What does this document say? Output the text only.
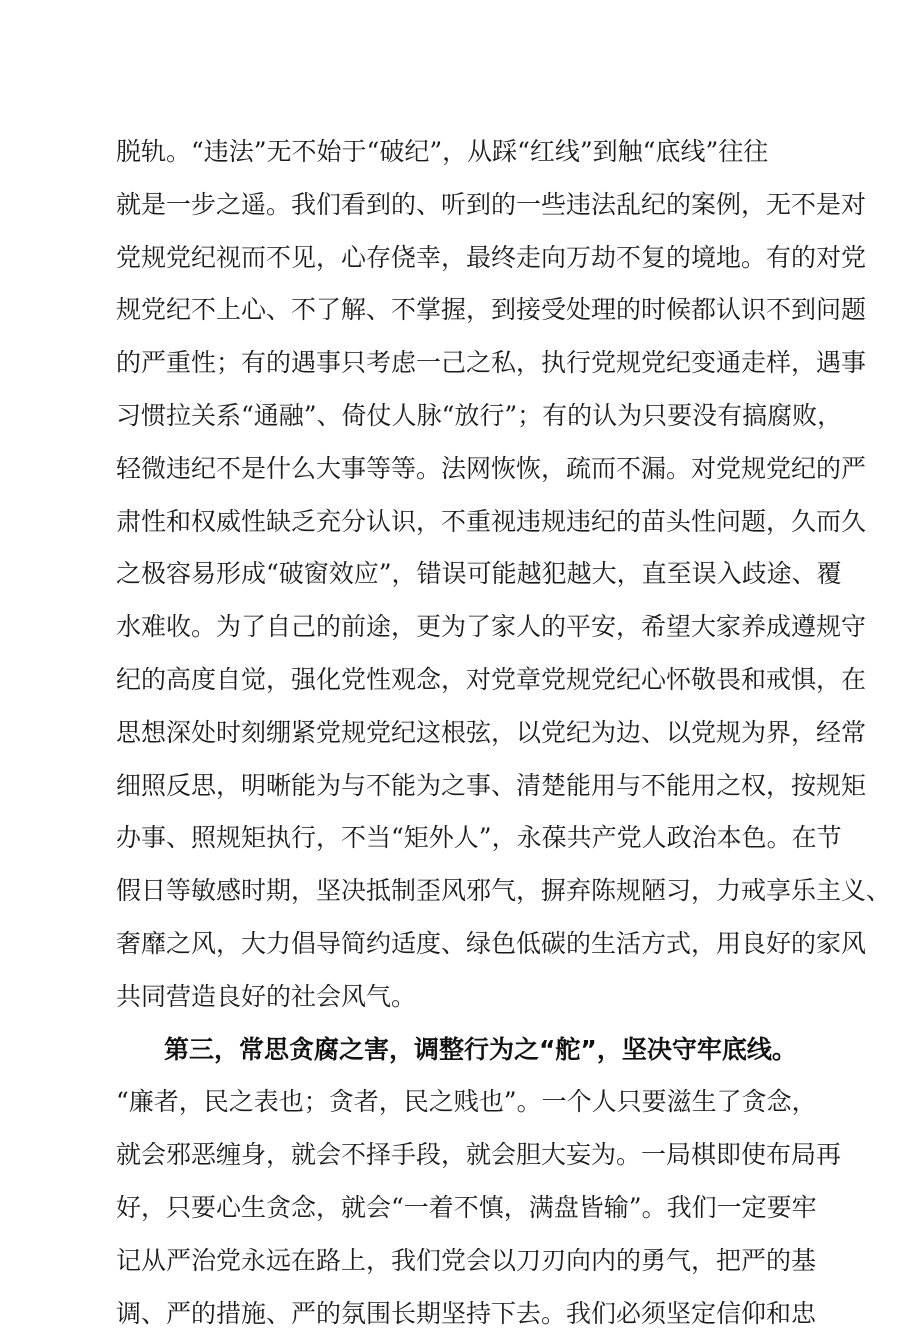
脱轨。“违法”无不始于“破纪”，从踩“红线”到触“底线”往往
就是一步之遥。我们看到的、听到的一些违法乱纪的案例，无不是对
党规党纪视而不见，心存侥幸，最终走向万劫不复的境地。有的对党
规党纪不上心、不了解、不掌握，到接受处理的时候都认识不到问题
的严重性；有的遇事只考虑一己之私，执行党规党纪变通走样，遇事
习惯拉关系“通融”、倚仗人脉“放行”；有的认为只要没有搞腐败，
轻微违纪不是什么大事等等。法网恢恢，疏而不漏。对党规党纪的严
肃性和权威性缺乏充分认识，不重视违规违纪的苗头性问题，久而久
之极容易形成“破窗效应”，错误可能越犯越大，直至误入歧途、覆
水难收。为了自己的前途，更为了家人的平安，希望大家养成遵规守
纪的高度自觉，强化党性观念，对党章党规党纪心怀敬畏和戒惧，在
思想深处时刻绷紧党规党纪这根弦，以党纪为边、以党规为界，经常
细照反思，明晰能为与不能为之事、清楚能用与不能用之权，按规矩
办事、照规矩执行，不当“矩外人”，永葆共产党人政治本色。在节
假日等敏感时期，坚决抵制歪风邪气，摒弃陈规陋习，力戒享乐主义、
奢靡之风，大力倡导简约适度、绿色低碳的生活方式，用良好的家风
共同营造良好的社会风气。
第三，常思贪腐之害，调整行为之“舵”，坚决守牢底线。
“廉者，民之表也；贪者，民之贱也”。一个人只要滋生了贪念，
就会邪恶缠身，就会不择手段，就会胆大妄为。一局棋即使布局再
好，只要心生贪念，就会“一着不慎，满盘皆输”。我们一定要牢
记从严治党永远在路上，我们党会以刀刃向内的勇气，把严的基
调、严的措施、严的氛围长期坚持下去。我们必须坚定信仰和忠
